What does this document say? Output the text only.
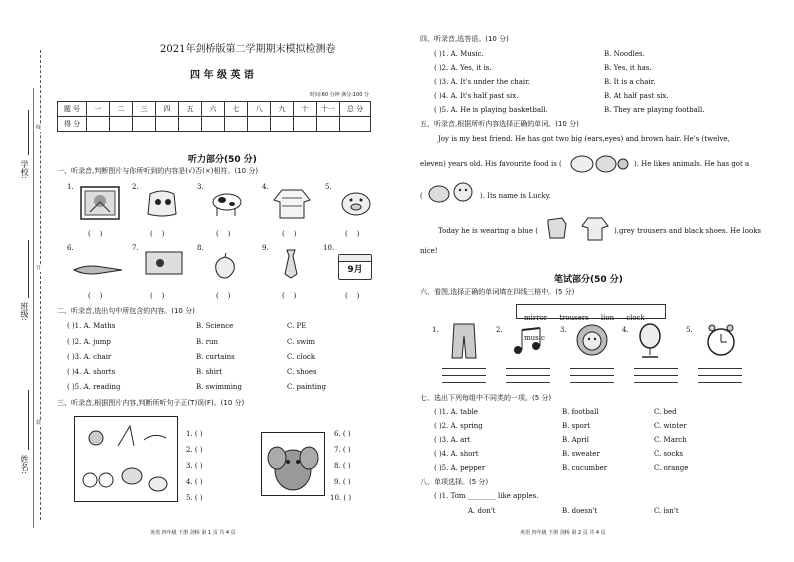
学校:
班级:
姓名:
线
订
装
2021年剑桥版第二学期期末模拟检测卷
四 年 级 英 语
时间:60 分钟 满分:100 分
题 号	一	二	三	四	五	六	七	八	九	十	十一	总 分
得 分												
听力部分(50 分)
一、听录音,判断图片与你所听到的内容是(√)否(×)相符。(10 分)
1.	2.	3.	4.	5.
6.	7.	8.	9.	10.
9月
(    )	(    )	(    )	(    )	(    )
(    )	(    )	(    )	(    )	(    )
二、听录音,选出句中所包含的内容。(10 分)
( )1. A. Maths	B. Science	C. PE
( )2. A. jump	B. run	C. swim
( )3. A. chair	B. curtains	C. clock
( )4. A. shorts	B. shirt	C. shoes
( )5. A. reading	B. swimming	C. painting
三、听录音,根据图片内容,判断所听句子正(T)误(F)。(10 分)
1. ( )
2. ( )
3. ( )
4. ( )
5. ( )
6. ( )
7. ( )
8. ( )
9. ( )
10. ( )
英语 四年级 下册 剑桥 第 1 页 共 4 页
四、听录音,选答语。(10 分)
( )1. A. Music.	B. Noodles.
( )2. A. Yes, it is.	B. Yes, it has.
( )3. A. It's under the chair.	B. It is a chair.
( )4. A. It's half past six.	B. At half past six.
( )5. A. He is playing basketball.	B. They are playing football.
五、听录音,根据所听内容选择正确的单词。(10 分)
Joy is my best friend. He has got two big (ears,eyes) and brown hair. He's (twelve,
eleven) years old. His favourite food is (	). He likes animals. He has got a
(	). Its name is Lucky.
Today he is wearing a blue (	),grey trousers and black shoes. He looks
nice!
笔试部分(50 分)
六、看图,选择正确的单词填在四线三格中。(5 分)
mirror trousers lion clock music
1.	2.	3.	4.	5.
七、选出下列每组中不同类的一项。(5 分)
( )1. A. table	B. football	C. bed
( )2. A. spring	B. sport	C. winter
( )3. A. art	B. April	C. March
( )4. A. short	B. sweater	C. socks
( )5. A. pepper	B. cucumber	C. orange
八、单项选择。(5 分)
( )1. Tom ________ like apples.
A. don't	B. doesn't	C. isn't
英语 四年级 下册 剑桥 第 2 页 共 4 页
